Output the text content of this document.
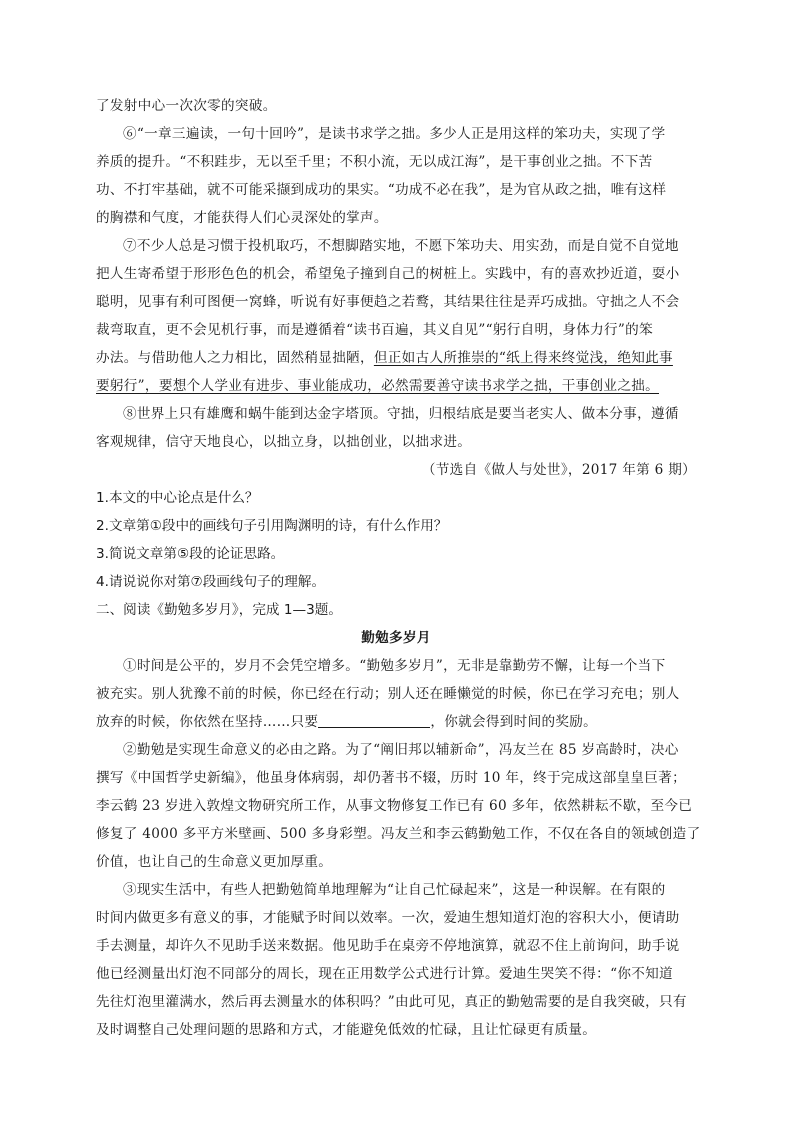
了发射中心一次次零的突破。
⑥“一章三遍读，一句十回吟”，是读书求学之拙。多少人正是用这样的笨功夫，实现了学
养质的提升。“不积跬步，无以至千里；不积小流，无以成江海”，是干事创业之拙。不下苦
功、不打牢基础，就不可能采撷到成功的果实。“功成不必在我”，是为官从政之拙，唯有这样
的胸襟和气度，才能获得人们心灵深处的掌声。
⑦不少人总是习惯于投机取巧，不想脚踏实地，不愿下笨功夫、用实劲，而是自觉不自觉地
把人生寄希望于形形色色的机会，希望兔子撞到自己的树桩上。实践中，有的喜欢抄近道，耍小
聪明，见事有利可图便一窝蜂，听说有好事便趋之若鹜，其结果往往是弄巧成拙。守拙之人不会
裁弯取直，更不会见机行事，而是遵循着“读书百遍，其义自见”“躬行自明，身体力行”的笨
办法。与借助他人之力相比，固然稍显拙陋，但正如古人所推崇的“纸上得来终觉浅，绝知此事
要躬行”，要想个人学业有进步、事业能成功，必然需要善守读书求学之拙，干事创业之拙。
⑧世界上只有雄鹰和蜗牛能到达金字塔顶。守拙，归根结底是要当老实人、做本分事，遵循
客观规律，信守天地良心，以拙立身，以拙创业，以拙求进。
（节选自《做人与处世》，2017 年第 6 期）
1.本文的中心论点是什么？
2.文章第①段中的画线句子引用陶渊明的诗，有什么作用？
3.简说文章第⑤段的论证思路。
4.请说说你对第⑦段画线句子的理解。
二、阅读《勤勉多岁月》，完成 1—3题。
勤勉多岁月
①时间是公平的，岁月不会凭空增多。“勤勉多岁月”，无非是靠勤劳不懈，让每一个当下
被充实。别人犹豫不前的时候，你已经在行动；别人还在睡懒觉的时候，你已在学习充电；别人
放弃的时候，你依然在坚持……只要	，你就会得到时间的奖励。
②勤勉是实现生命意义的必由之路。为了“阐旧邦以辅新命”，冯友兰在 85 岁高龄时，决心
撰写《中国哲学史新编》，他虽身体病弱，却仍著书不辍，历时 10 年，终于完成这部皇皇巨著；
李云鹤 23 岁进入敦煌文物研究所工作，从事文物修复工作已有 60 多年，依然耕耘不歇，至今已
修复了 4000 多平方米壁画、500 多身彩塑。冯友兰和李云鹤勤勉工作，不仅在各自的领域创造了
价值，也让自己的生命意义更加厚重。
③现实生活中，有些人把勤勉简单地理解为“让自己忙碌起来”，这是一种误解。在有限的
时间内做更多有意义的事，才能赋予时间以效率。一次，爱迪生想知道灯泡的容积大小，便请助
手去测量，却许久不见助手送来数据。他见助手在桌旁不停地演算，就忍不住上前询问，助手说
他已经测量出灯泡不同部分的周长，现在正用数学公式进行计算。爱迪生哭笑不得：“你不知道
先往灯泡里灌满水，然后再去测量水的体积吗？”由此可见，真正的勤勉需要的是自我突破，只有
及时调整自己处理问题的思路和方式，才能避免低效的忙碌，且让忙碌更有质量。
